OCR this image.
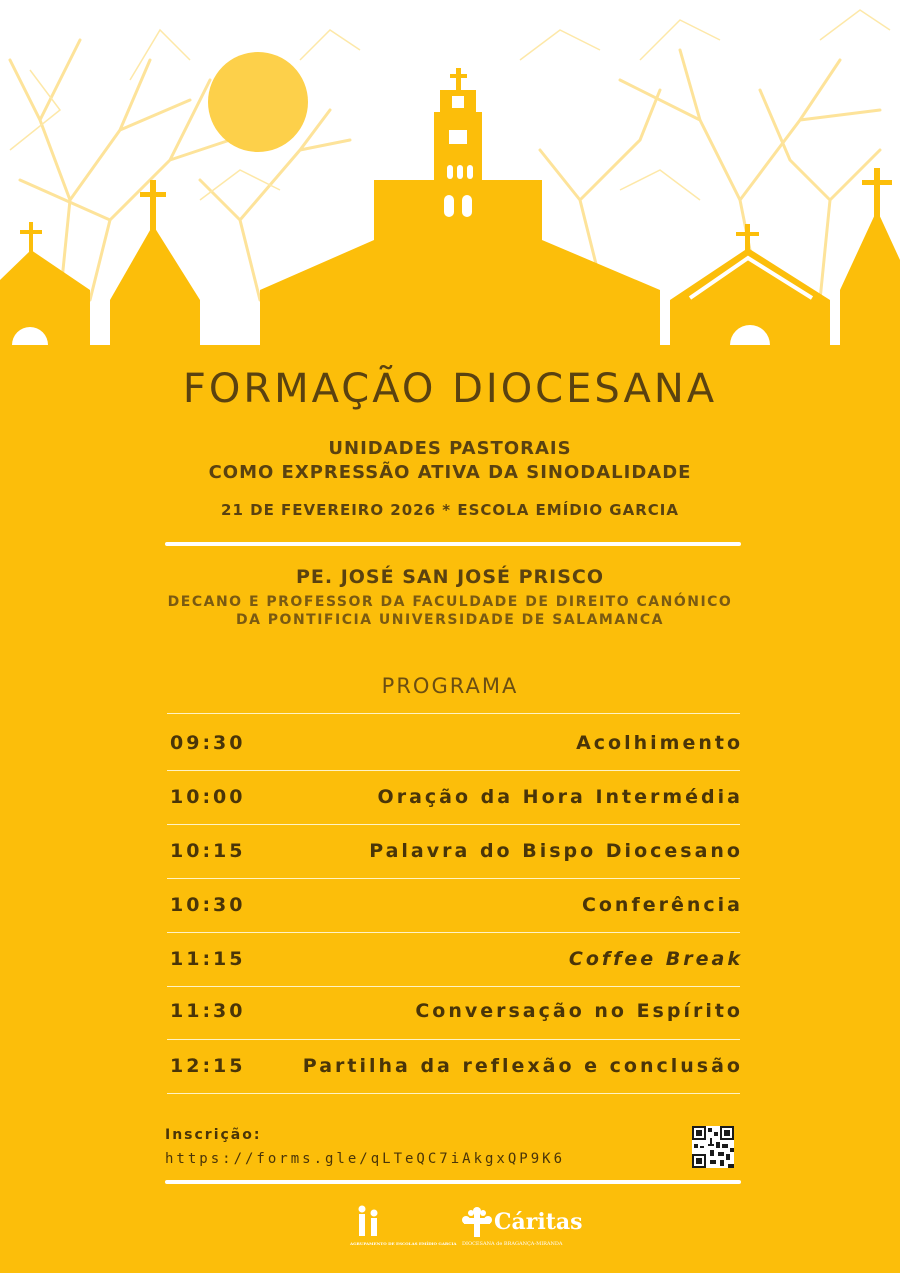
FORMAÇÃO DIOCESANA
UNIDADES PASTORAIS
COMO EXPRESSÃO ATIVA DA SINODALIDADE
21 DE FEVEREIRO 2026 * ESCOLA EMÍDIO GARCIA
PE. JOSÉ SAN JOSÉ PRISCO
DECANO E PROFESSOR DA FACULDADE DE DIREITO CANÓNICO
DA PONTIFICIA UNIVERSIDADE DE SALAMANCA
PROGRAMA
09:30	Acolhimento
10:00	Oração da Hora Intermédia
10:15	Palavra do Bispo Diocesano
10:30	Conferência
11:15	Coffee Break
11:30	Conversação no Espírito
12:15	Partilha da reflexão e conclusão
Inscrição:
https://forms.gle/qLTeQC7iAkgxQP9K6
AGRUPAMENTO DE ESCOLAS EMÍDIO GARCIA
Cáritas
DIOCESANA de BRAGANÇA-MIRANDA
